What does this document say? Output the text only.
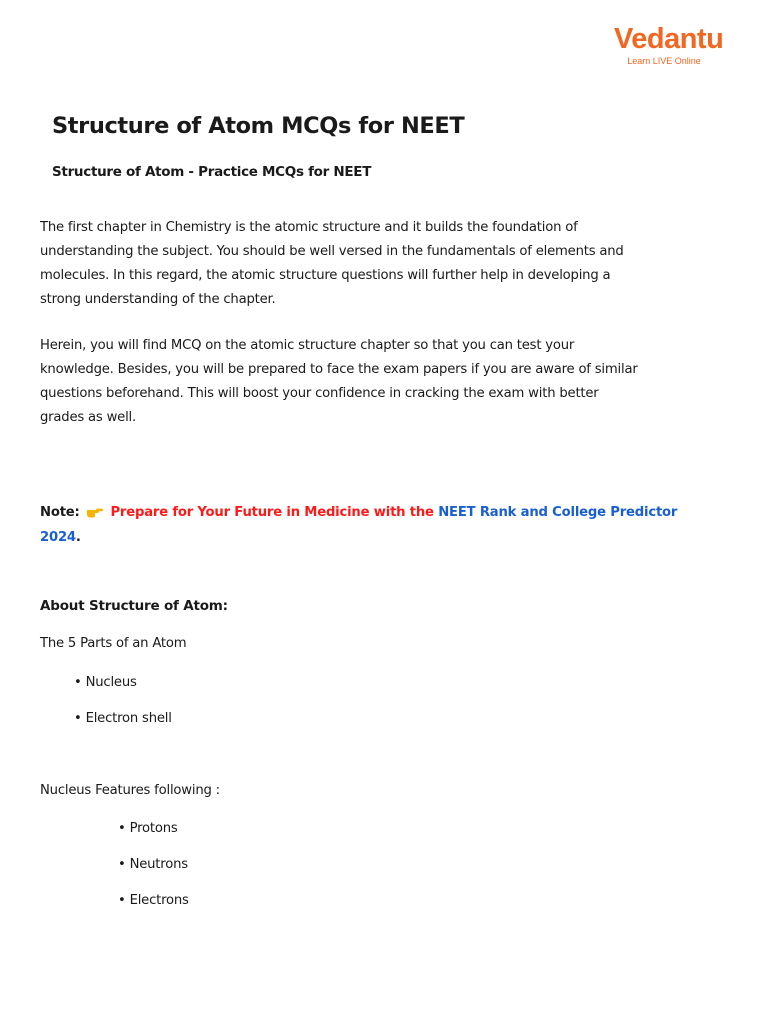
Vedantu
Learn LIVE Online
Structure of Atom MCQs for NEET
Structure of Atom - Practice MCQs for NEET

The first chapter in Chemistry is the atomic structure and it builds the foundation of
understanding the subject. You should be well versed in the fundamentals of elements and
molecules. In this regard, the atomic structure questions will further help in developing a
strong understanding of the chapter.

Herein, you will find MCQ on the atomic structure chapter so that you can test your
knowledge. Besides, you will be prepared to face the exam papers if you are aware of similar
questions beforehand. This will boost your confidence in cracking the exam with better
grades as well.

Note: Prepare for Your Future in Medicine with the NEET Rank and College Predictor
2024.

About Structure of Atom:

The 5 Parts of an Atom

• Nucleus

• Electron shell

Nucleus Features following :

• Protons

• Neutrons

• Electrons
